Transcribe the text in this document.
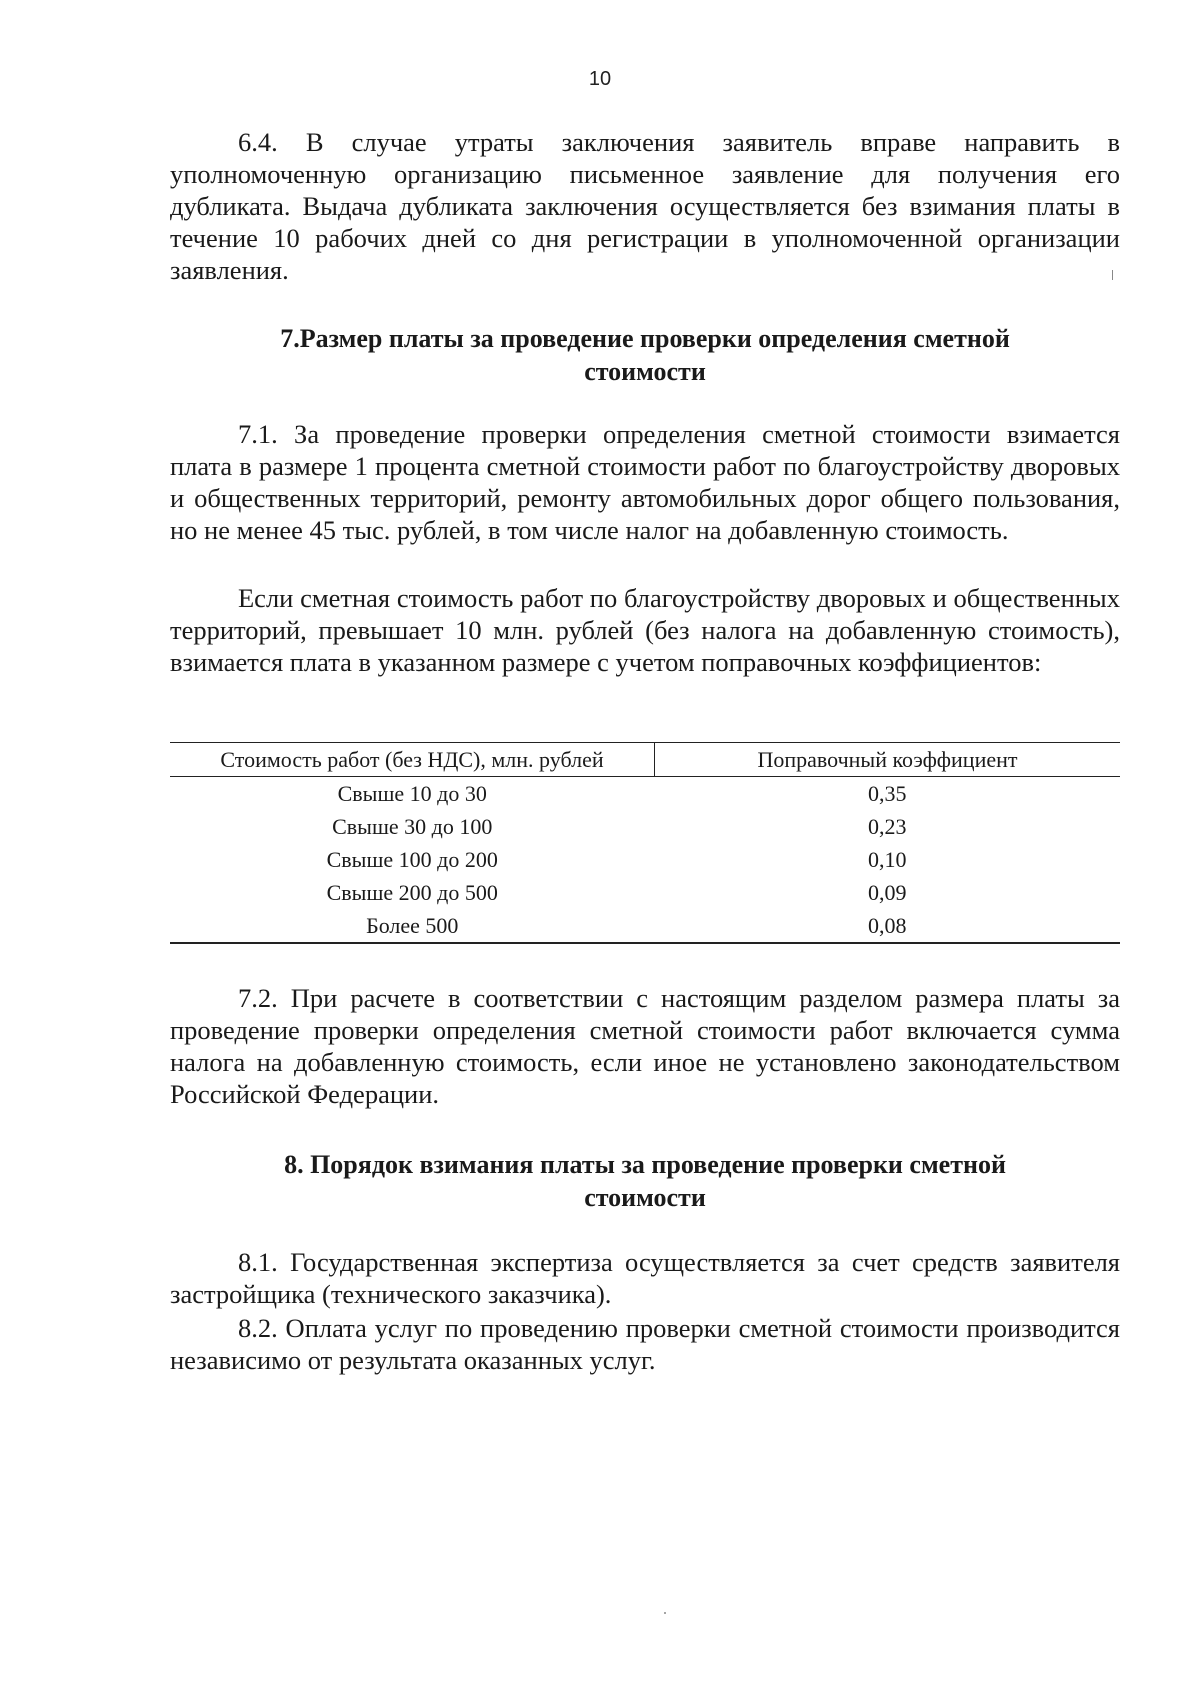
10

6.4. В случае утраты заключения заявитель вправе направить в уполномоченную организацию письменное заявление для получения его дубликата. Выдача дубликата заключения осуществляется без взимания платы в течение 10 рабочих дней со дня регистрации в уполномоченной организации заявления.

7.Размер платы за проведение проверки определения сметной
стоимости

7.1. За проведение проверки определения сметной стоимости взимается плата в размере 1 процента сметной стоимости работ по благоустройству дворовых и общественных территорий, ремонту автомобильных дорог общего пользования, но не менее 45 тыс. рублей, в том числе налог на добавленную стоимость.

Если сметная стоимость работ по благоустройству дворовых и общественных территорий, превышает 10 млн. рублей (без налога на добавленную стоимость), взимается плата в указанном размере с учетом поправочных коэффициентов:

Стоимость работ (без НДС), млн. рублей	Поправочный коэффициент
Свыше 10 до 30	0,35
Свыше 30 до 100	0,23
Свыше 100 до 200	0,10
Свыше 200 до 500	0,09
Более 500	0,08

7.2. При расчете в соответствии с настоящим разделом размера платы за проведение проверки определения сметной стоимости работ включается сумма налога на добавленную стоимость, если иное не установлено законодательством Российской Федерации.

8. Порядок взимания платы за проведение проверки сметной
стоимости

8.1. Государственная экспертиза осуществляется за счет средств заявителя застройщика (технического заказчика).

8.2. Оплата услуг по проведению проверки сметной стоимости производится независимо от результата оказанных услуг.
